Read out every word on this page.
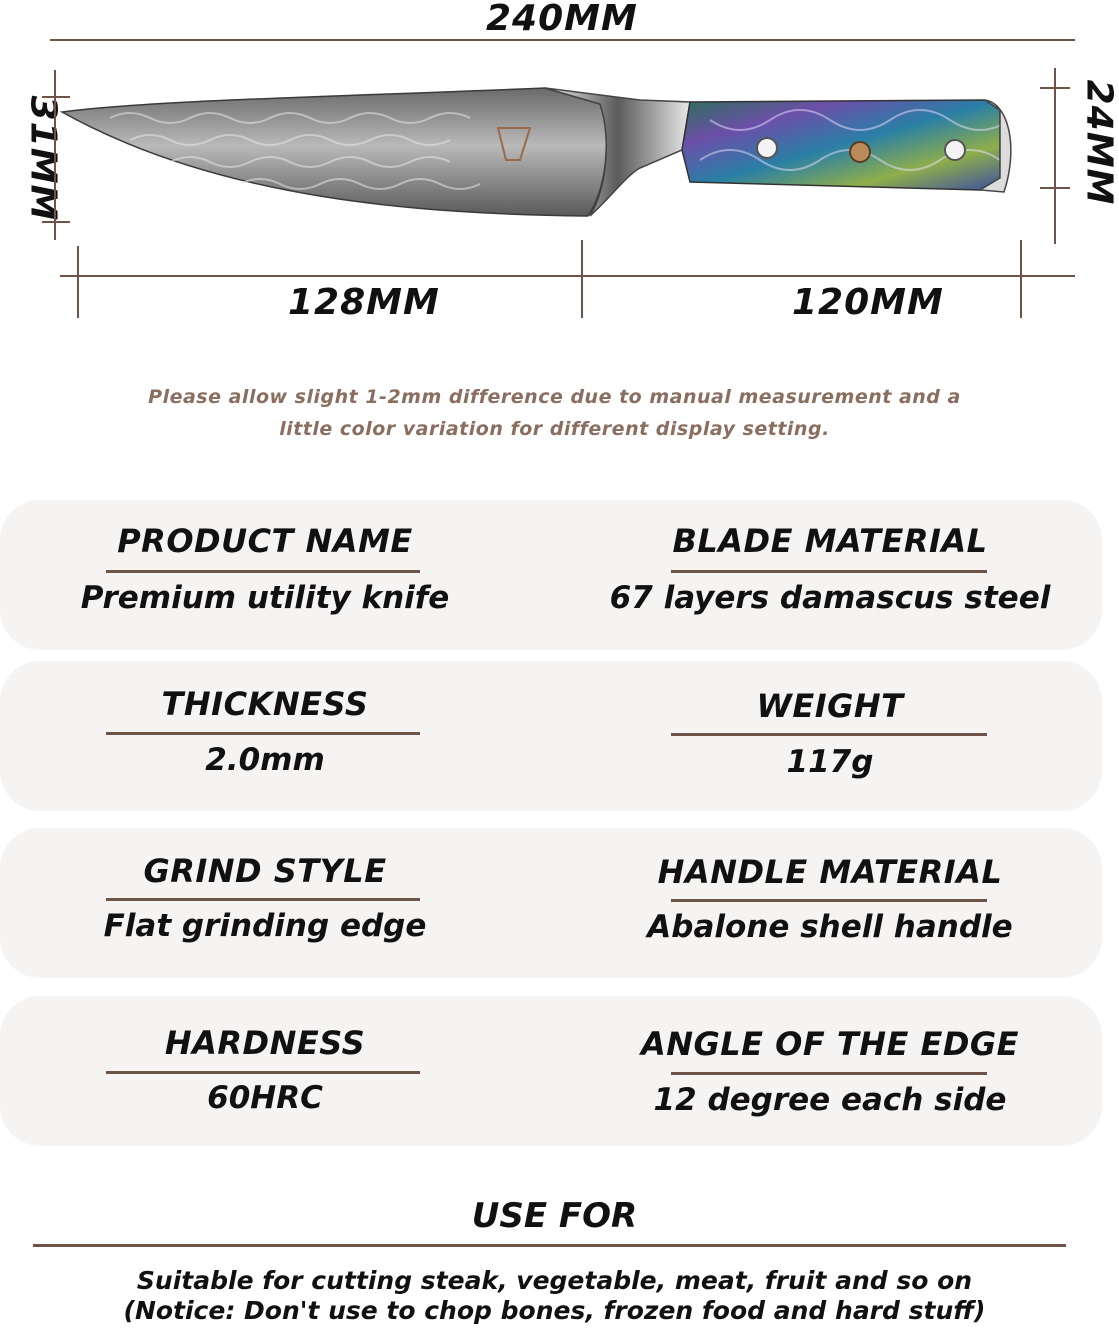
240MM
31MM	24MM
128MM	120MM
Please allow slight 1-2mm difference due to manual measurement and a
little color variation for different display setting.
PRODUCT NAME
Premium utility knife
BLADE MATERIAL
67 layers damascus steel
THICKNESS
2.0mm
WEIGHT
117g
GRIND STYLE
Flat grinding edge
HANDLE MATERIAL
Abalone shell handle
HARDNESS
60HRC
ANGLE OF THE EDGE
12 degree each side
USE FOR
Suitable for cutting steak, vegetable, meat, fruit and so on
(Notice: Don't use to chop bones, frozen food and hard stuff)
